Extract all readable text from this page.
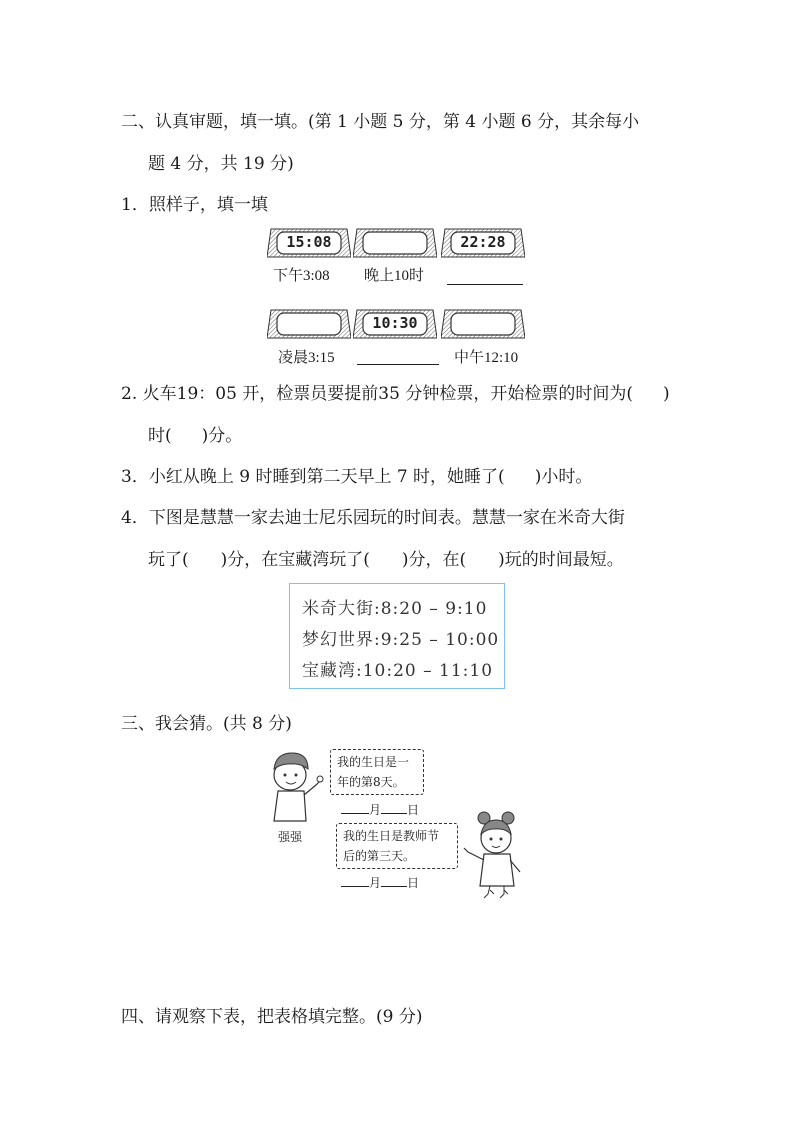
二、认真审题，填一填。(第 1 小题 5 分，第 4 小题 6 分，其余每小
题 4 分，共 19 分)
1．照样子，填一填
15:08	22:28
下午3:08 晚上10时
10:30
凌晨3:15	中午12:10
2. 火车19：05 开，检票员要提前35 分钟检票，开始检票的时间为( )
时( )分。
3．小红从晚上 9 时睡到第二天早上 7 时，她睡了( )小时。
4．下图是慧慧一家去迪士尼乐园玩的时间表。慧慧一家在米奇大街
玩了( )分，在宝藏湾玩了( )分，在( )玩的时间最短。
米奇大街:8:20 – 9:10
梦幻世界:9:25 – 10:00
宝藏湾:10:20 – 11:10
三、我会猜。(共 8 分)
强强
我的生日是一
年的第8天。
月 日
我的生日是教师节
后的第三天。
月 日
四、请观察下表，把表格填完整。(9 分)
